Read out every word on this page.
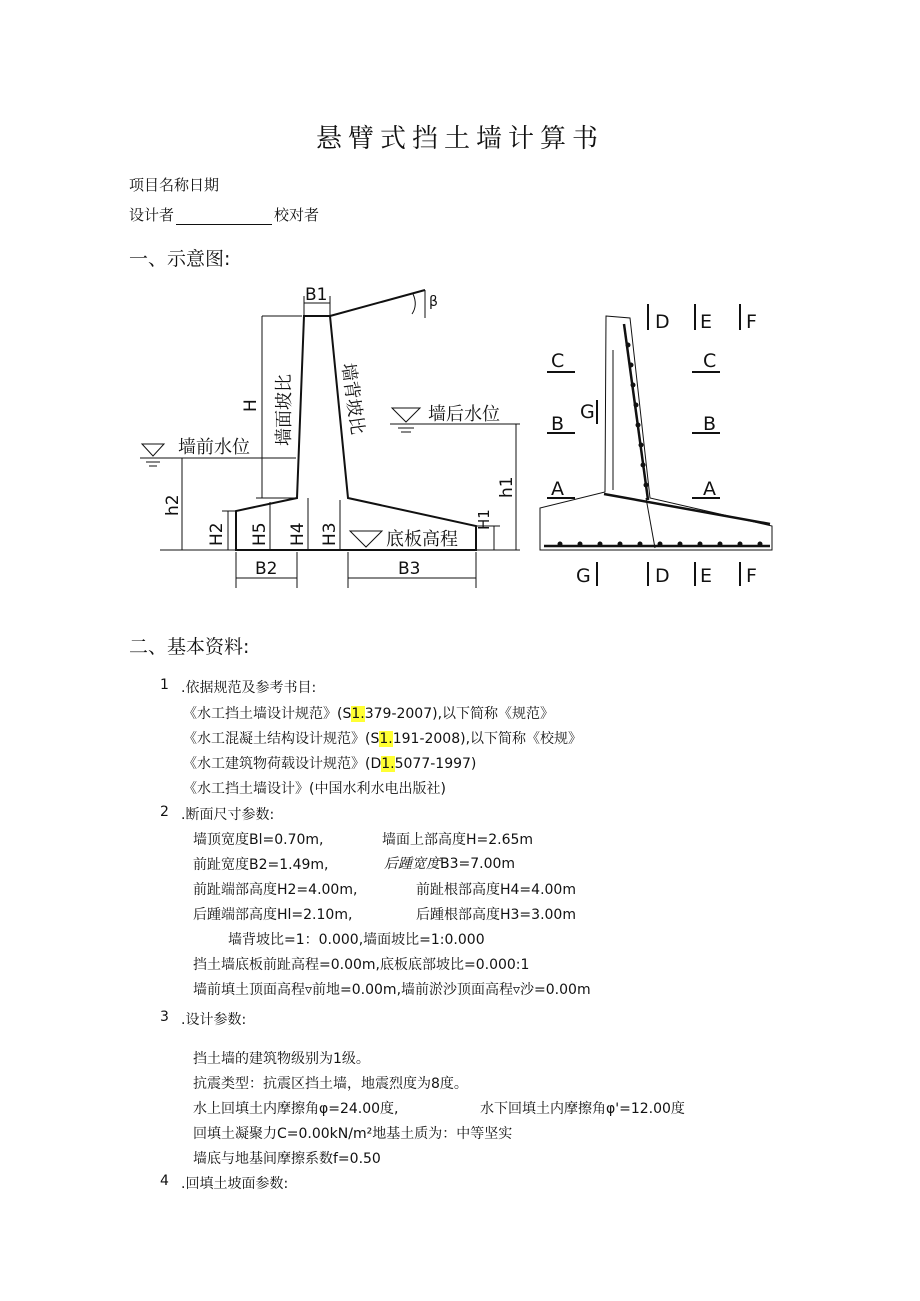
悬臂式挡土墙计算书
项目名称日期
设计者	校对者
一、示意图:
B1	β
H 墙面坡比 墙背坡比
墙前水位
墙后水位
h2
h1
H2 H5 H4 H3
H1
底板高程
B2	B3
C	C
B	B
A	A
G
D E F
G	D E F
二、基本资料:
1 .依据规范及参考书目:
《水工挡土墙设计规范》(S1.379-2007),以下简称《规范》
《水工混凝土结构设计规范》(S1.191-2008),以下简称《校规》
《水工建筑物荷载设计规范》(D1.5077-1997)
《水工挡土墙设计》(中国水利水电出版社)
2 .断面尺寸参数:
墙顶宽度Bl=0.70m,	墙面上部高度H=2.65m
前趾宽度B2=1.49m,	后踵宽度B3=7.00m
前趾端部高度H2=4.00m,	前趾根部高度H4=4.00m
后踵端部高度Hl=2.10m,	后踵根部高度H3=3.00m
墙背坡比=1：0.000,墙面坡比=1:0.000
挡土墙底板前趾高程=0.00m,底板底部坡比=0.000:1
墙前填土顶面高程▿前地=0.00m,墙前淤沙顶面高程▿沙=0.00m
3 .设计参数:
挡土墙的建筑物级别为1级。
抗震类型：抗震区挡土墙，地震烈度为8度。
水上回填土内摩擦角φ=24.00度,	水下回填土内摩擦角φ'=12.00度
回填土凝聚力C=0.00kN/m²地基土质为：中等坚实
墙底与地基间摩擦系数f=0.50
4 .回填土坡面参数:
